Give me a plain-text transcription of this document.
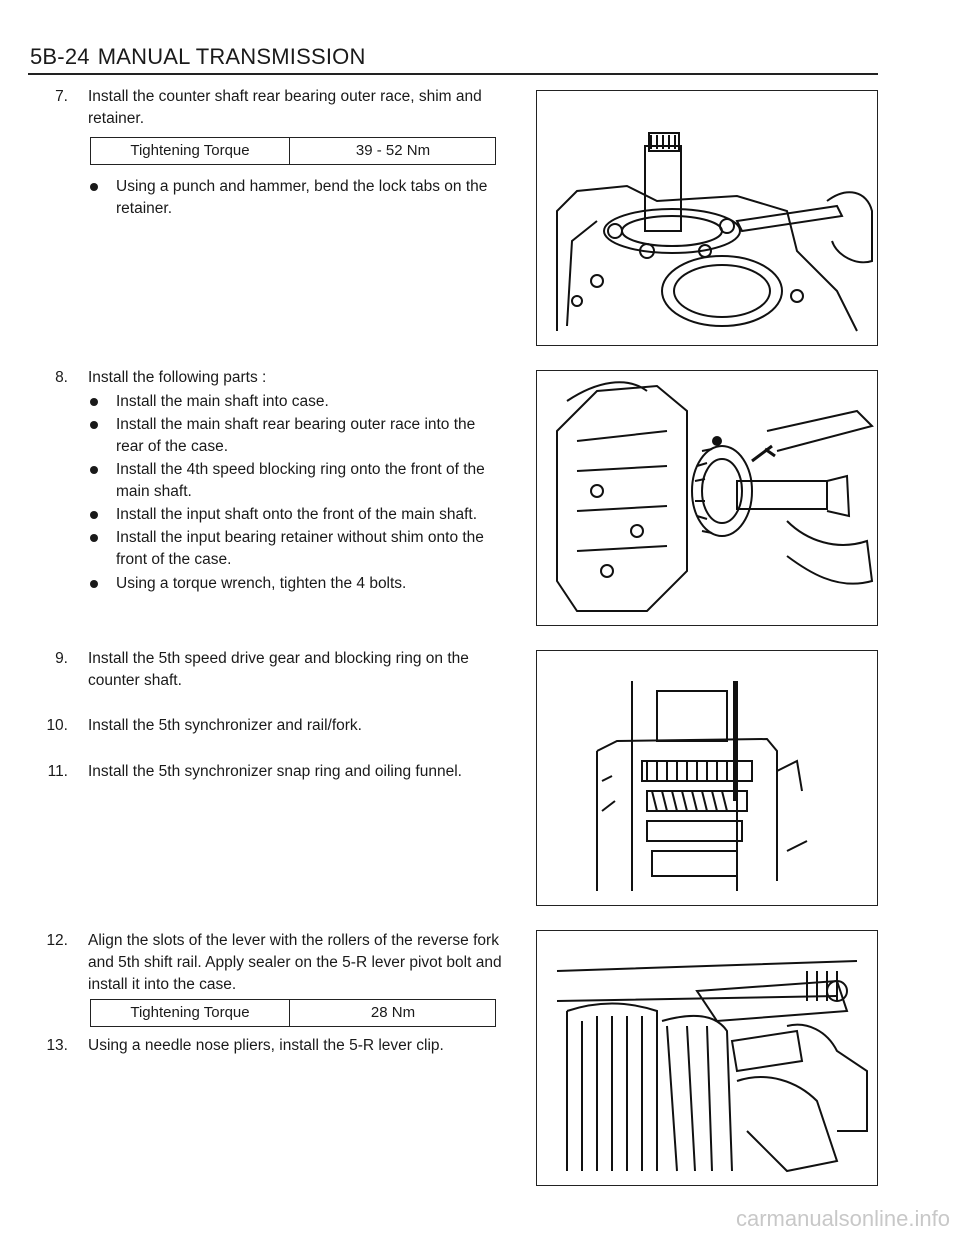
5B-24 MANUAL TRANSMISSION
7. Install the counter shaft rear bearing outer race, shim and retainer.
Tightening Torque	39 - 52 Nm
Using a punch and hammer, bend the lock tabs on the retainer.
8. Install the following parts :
Install the main shaft into case.
Install the main shaft rear bearing outer race into the rear of the case.
Install the 4th speed blocking ring onto the front of the main shaft.
Install the input shaft onto the front of the main shaft.
Install the input bearing retainer without shim onto the front of the case.
Using a torque wrench, tighten the 4 bolts.
9. Install the 5th speed drive gear and blocking ring on the counter shaft.
10. Install the 5th synchronizer and rail/fork.
11. Install the 5th synchronizer snap ring and oiling funnel.
12. Align the slots of the lever with the rollers of the reverse fork and 5th shift rail. Apply sealer on the 5-R lever pivot bolt and install it into the case.
Tightening Torque	28 Nm
13. Using a needle nose pliers, install the 5-R lever clip.
carmanualsonline.info
